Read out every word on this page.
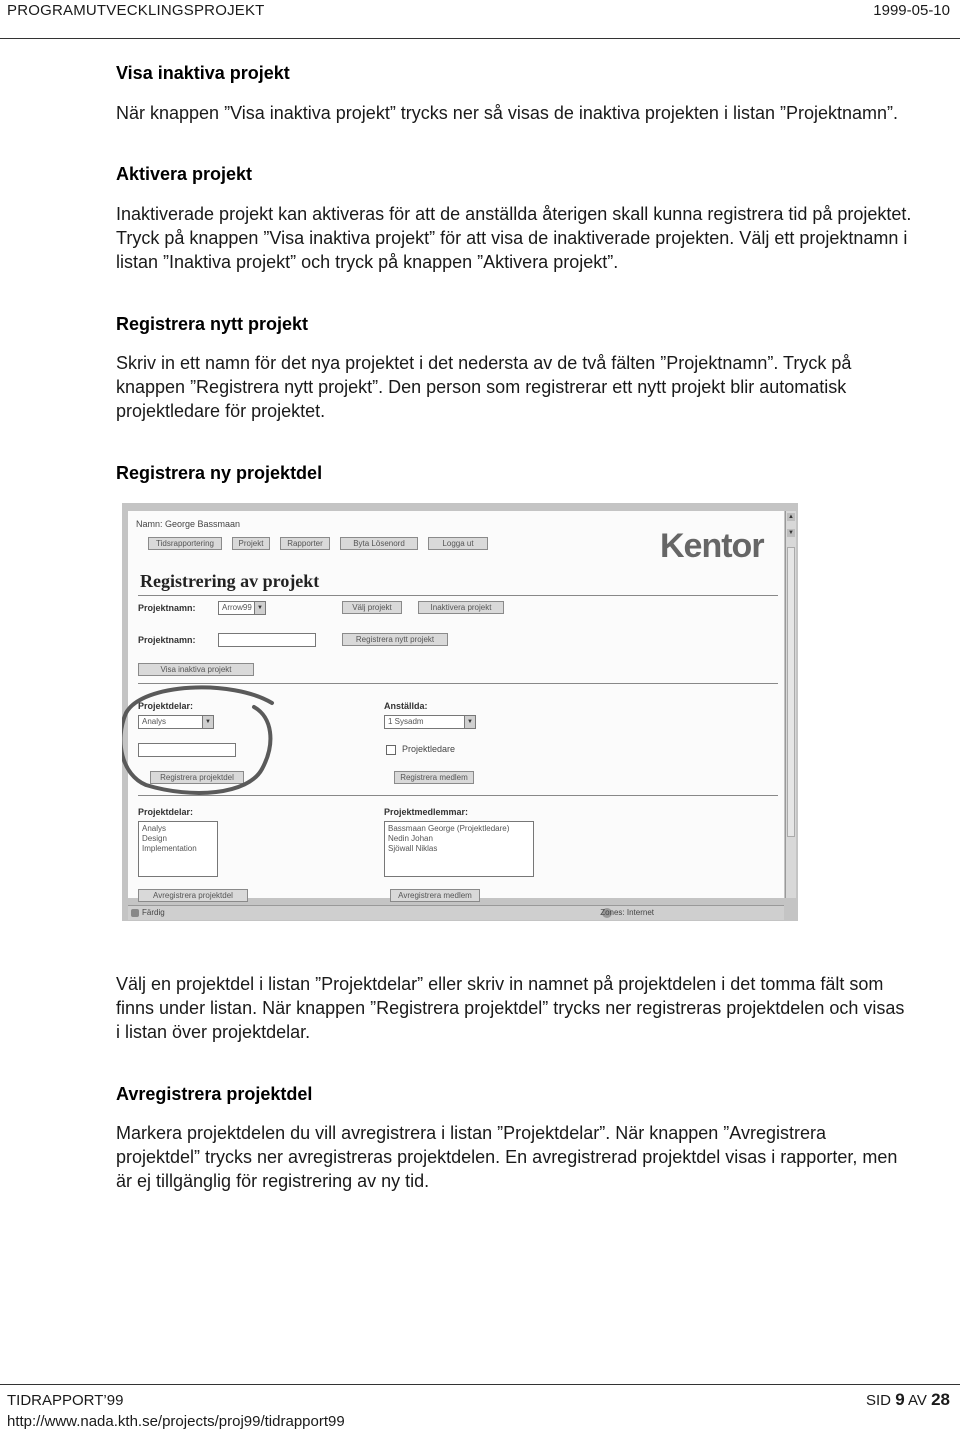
PROGRAMUTVECKLINGSPROJEKT	1999-05-10
Visa inaktiva projekt

När knappen ”Visa inaktiva projekt” trycks ner så visas de inaktiva projekten i listan ”Projektnamn”.

Aktivera projekt

Inaktiverade projekt kan aktiveras för att de anställda återigen skall kunna registrera tid på projektet.
Tryck på knappen ”Visa inaktiva projekt” för att visa de inaktiverade projekten. Välj ett projektnamn i
listan ”Inaktiva projekt” och tryck på knappen ”Aktivera projekt”.

Registrera nytt projekt

Skriv in ett namn för det nya projektet i det nedersta av de två fälten ”Projektnamn”. Tryck på
knappen ”Registrera nytt projekt”. Den person som registrerar ett nytt projekt blir automatisk
projektledare för projektet.

Registrera ny projektdel
Namn: George Bassmaan
Tidsrapportering	Projekt	Rapporter	Byta Lösenord	Logga ut	Kentor
Registrering av projekt
Projektnamn:	Arrow99 ▼	Välj projekt	Inaktivera projekt
Projektnamn:	Registrera nytt projekt
Visa inaktiva projekt
Projektdelar:
Analys	▼
Registrera projektdel
Anställda:
1 Sysadm	▼
Projektledare
Registrera medlem
Projektdelar:
Analys
Design
Implementation
Projektmedlemmar:
Bassmaan George (Projektledare)
Nedin Johan
Sjöwall Niklas
Avregistrera projektdel	Avregistrera medlem
▲
▼
Färdig	Zones: Internet

Välj en projektdel i listan ”Projektdelar” eller skriv in namnet på projektdelen i det tomma fält som
finns under listan. När knappen ”Registrera projektdel” trycks ner registreras projektdelen och visas
i listan över projektdelar.

Avregistrera projektdel

Markera projektdelen du vill avregistrera i listan ”Projektdelar”. När knappen ”Avregistrera
projektdel” trycks ner avregistreras projektdelen. En avregistrerad projektdel visas i rapporter, men
är ej tillgänglig för registrering av ny tid.

TIDRAPPORT’99
http://www.nada.kth.se/projects/proj99/tidrapport99
SID 9 AV 28
